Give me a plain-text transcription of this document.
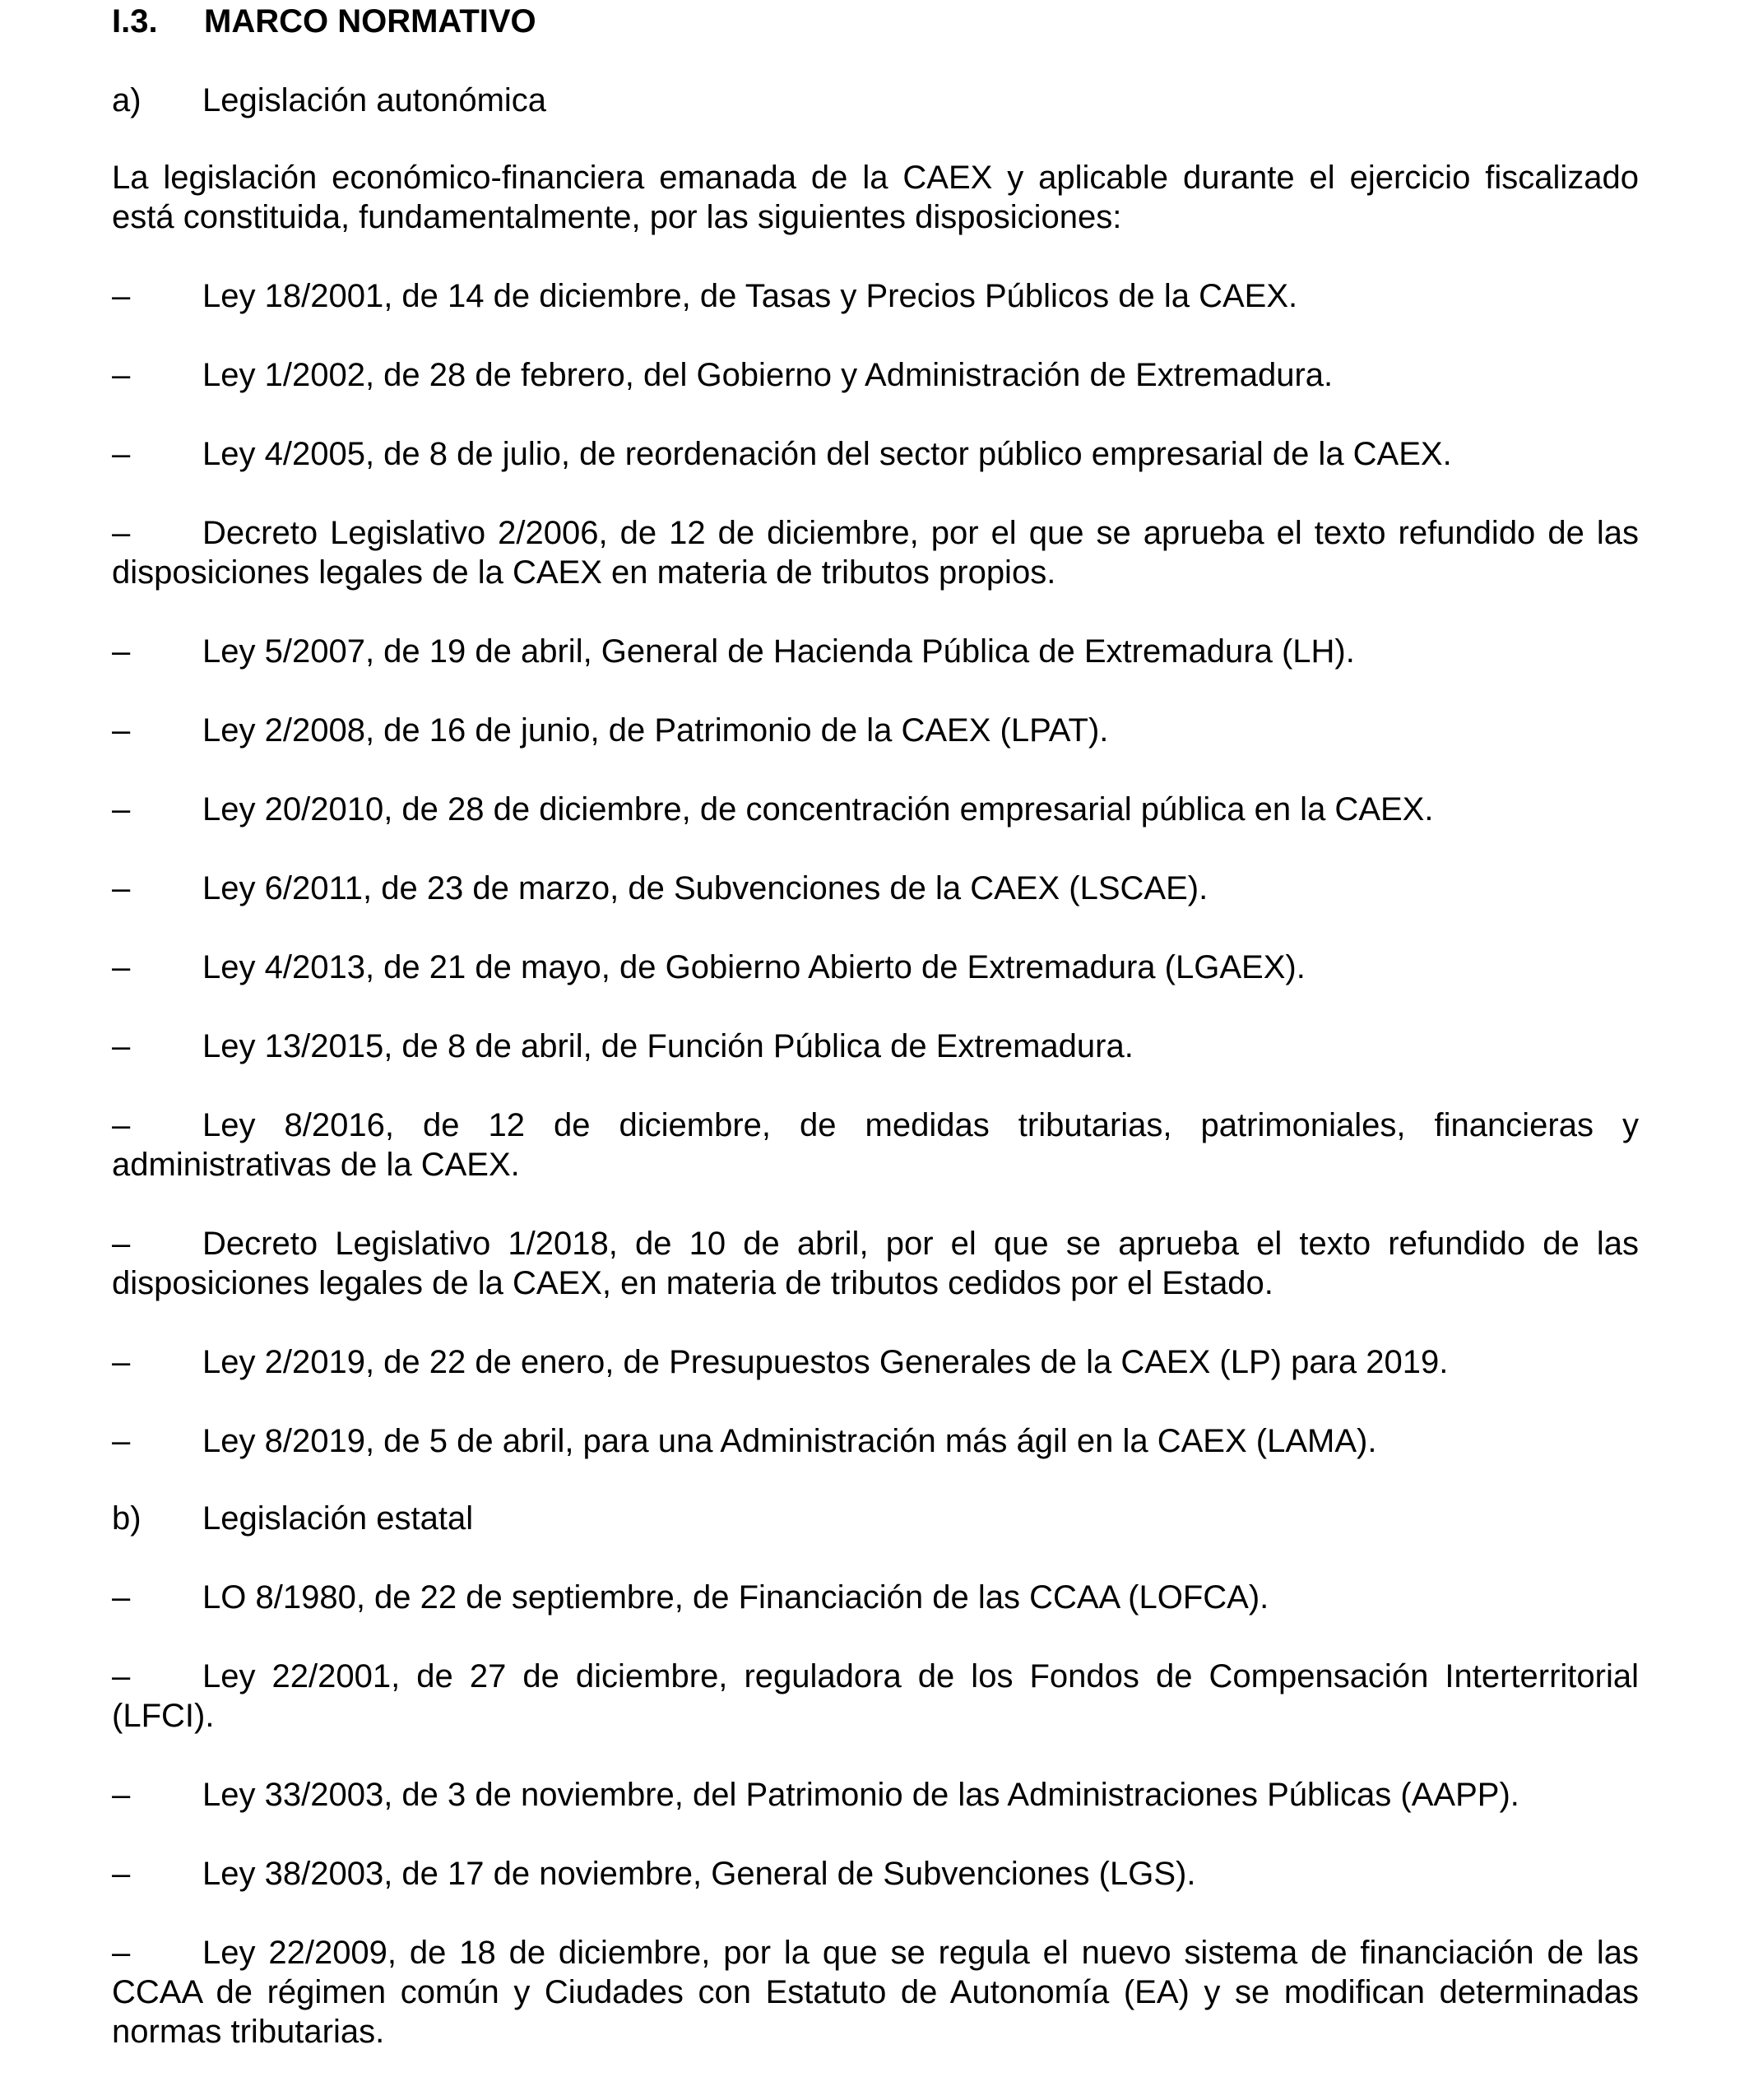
I.3.	MARCO NORMATIVO
a)	Legislación autonómica
La legislación económico-financiera emanada de la CAEX y aplicable durante el ejercicio fiscalizado está constituida, fundamentalmente, por las siguientes disposiciones:
– Ley 18/2001, de 14 de diciembre, de Tasas y Precios Públicos de la CAEX.
– Ley 1/2002, de 28 de febrero, del Gobierno y Administración de Extremadura.
– Ley 4/2005, de 8 de julio, de reordenación del sector público empresarial de la CAEX.
– Decreto Legislativo 2/2006, de 12 de diciembre, por el que se aprueba el texto refundido de las disposiciones legales de la CAEX en materia de tributos propios.
– Ley 5/2007, de 19 de abril, General de Hacienda Pública de Extremadura (LH).
– Ley 2/2008, de 16 de junio, de Patrimonio de la CAEX (LPAT).
– Ley 20/2010, de 28 de diciembre, de concentración empresarial pública en la CAEX.
– Ley 6/2011, de 23 de marzo, de Subvenciones de la CAEX (LSCAE).
– Ley 4/2013, de 21 de mayo, de Gobierno Abierto de Extremadura (LGAEX).
– Ley 13/2015, de 8 de abril, de Función Pública de Extremadura.
– Ley 8/2016, de 12 de diciembre, de medidas tributarias, patrimoniales, financieras y administrativas de la CAEX.
– Decreto Legislativo 1/2018, de 10 de abril, por el que se aprueba el texto refundido de las disposiciones legales de la CAEX, en materia de tributos cedidos por el Estado.
– Ley 2/2019, de 22 de enero, de Presupuestos Generales de la CAEX (LP) para 2019.
– Ley 8/2019, de 5 de abril, para una Administración más ágil en la CAEX (LAMA).
b)	Legislación estatal
– LO 8/1980, de 22 de septiembre, de Financiación de las CCAA (LOFCA).
– Ley 22/2001, de 27 de diciembre, reguladora de los Fondos de Compensación Interterritorial (LFCI).
– Ley 33/2003, de 3 de noviembre, del Patrimonio de las Administraciones Públicas (AAPP).
– Ley 38/2003, de 17 de noviembre, General de Subvenciones (LGS).
– Ley 22/2009, de 18 de diciembre, por la que se regula el nuevo sistema de financiación de las CCAA de régimen común y Ciudades con Estatuto de Autonomía (EA) y se modifican determinadas normas tributarias.
